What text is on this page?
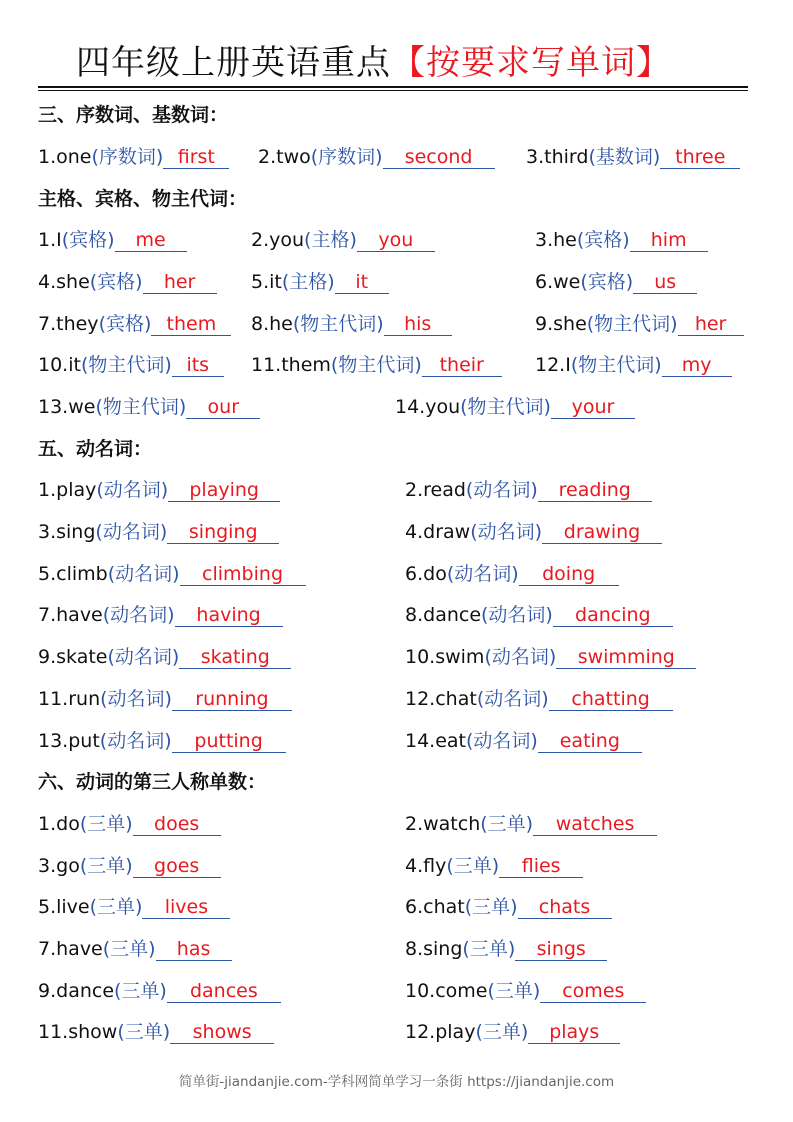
四年级上册英语重点【按要求写单词】
三、序数词、基数词：
1.one(序数词) first	2.two(序数词) second	3.third(基数词) three
主格、宾格、物主代词：
1.I(宾格) me	2.you(主格) you	3.he(宾格) him
4.she(宾格) her	5.it(主格) it	6.we(宾格) us
7.they(宾格) them	8.he(物主代词) his	9.she(物主代词) her
10.it(物主代词) its	11.them(物主代词) their	12.I(物主代词) my
13.we(物主代词) our	14.you(物主代词) your
五、动名词：
1.play(动名词) playing	2.read(动名词) reading
3.sing(动名词) singing	4.draw(动名词) drawing
5.climb(动名词) climbing	6.do(动名词) doing
7.have(动名词) having	8.dance(动名词) dancing
9.skate(动名词) skating	10.swim(动名词) swimming
11.run(动名词) running	12.chat(动名词) chatting
13.put(动名词) putting	14.eat(动名词) eating
六、动词的第三人称单数：
1.do(三单) does	2.watch(三单) watches
3.go(三单) goes	4.fly(三单) flies
5.live(三单) lives	6.chat(三单) chats
7.have(三单) has	8.sing(三单) sings
9.dance(三单) dances	10.come(三单) comes
11.show(三单) shows	12.play(三单) plays
简单街-jiandanjie.com-学科网简单学习一条街 https://jiandanjie.com
